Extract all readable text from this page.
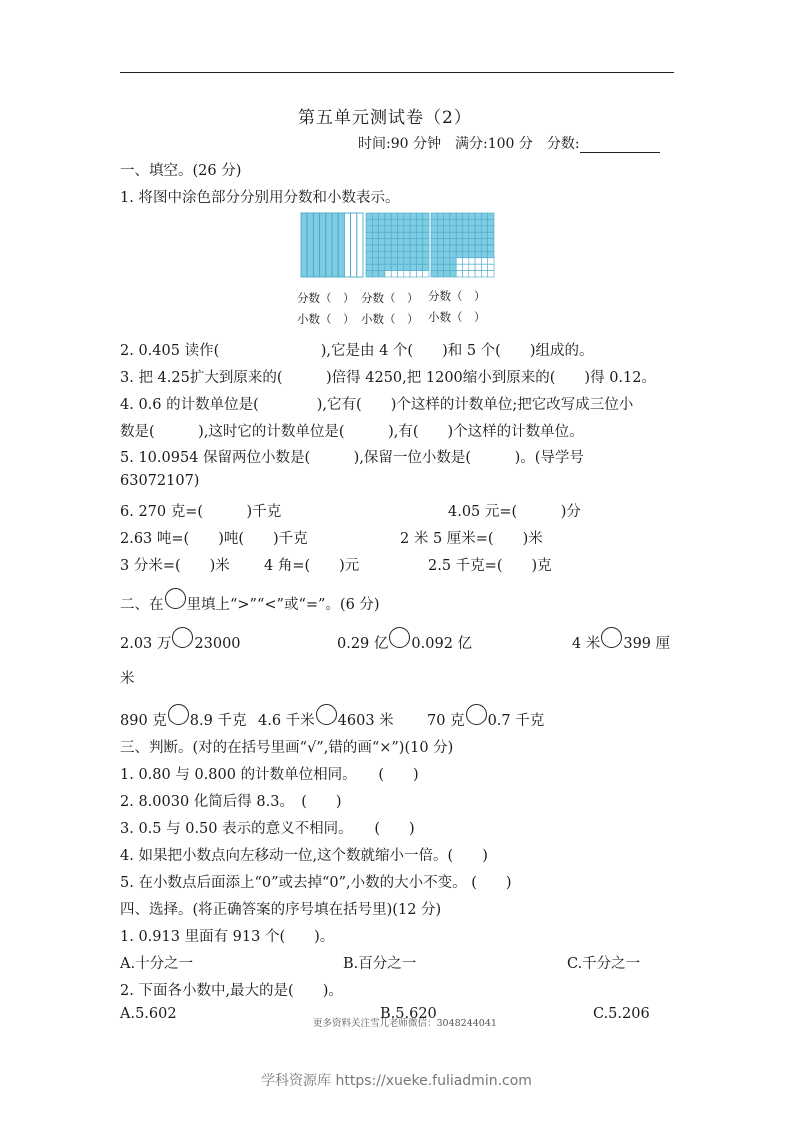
第五单元测试卷（2）
时间:90 分钟　满分:100 分　分数:
一、填空。(26 分)
1. 将图中涂色部分分别用分数和小数表示。
分数（　） 分数（　） 分数（　）
小数（　） 小数（　） 小数（　）
2. 0.405 读作(　　　　　　　),它是由 4 个(　　)和 5 个(　　)组成的。
3. 把 4.25扩大到原来的(　　　)倍得 4250,把 1200缩小到原来的(　　)得 0.12。
4. 0.6 的计数单位是(　　　　),它有(　　)个这样的计数单位;把它改写成三位小
数是(　　　),这时它的计数单位是(　　　),有(　　)个这样的计数单位。
5. 10.0954 保留两位小数是(　　　),保留一位小数是(　　　)。(导学号
63072107)
6. 270 克=(　　　)千克	4.05 元=(　　　)分
2.63 吨=(　　)吨(　　)千克	2 米 5 厘米=(　　)米
3 分米=(　　)米 4 角=(　　)元	2.5 千克=(　　)克
二、在 里填上“>”“<”或“=”。(6 分)
2.03 万 23000	0.29 亿 0.092 亿	4 米 399 厘
米
890 克 8.9 千克 4.6 千米 4603 米 70 克 0.7 千克
三、判断。(对的在括号里画“√”,错的画“×”)(10 分)
1. 0.80 与 0.800 的计数单位相同。　　(　　)
2. 8.0030 化简后得 8.3。　(　　)
3. 0.5 与 0.50 表示的意义不相同。　　(　　)
4. 如果把小数点向左移动一位,这个数就缩小一倍。(　　)
5. 在小数点后面添上“0”或去掉“0”,小数的大小不变。 (　　)
四、选择。(将正确答案的序号填在括号里)(12 分)
1. 0.913 里面有 913 个(　　)。
A.十分之一	B.百分之一	C.千分之一
2. 下面各小数中,最大的是(　　)。
A.5.602	B.5.620	C.5.206
更多资料关注雪儿老师微信：3048244041
学科资源库 https://xueke.fuliadmin.com
